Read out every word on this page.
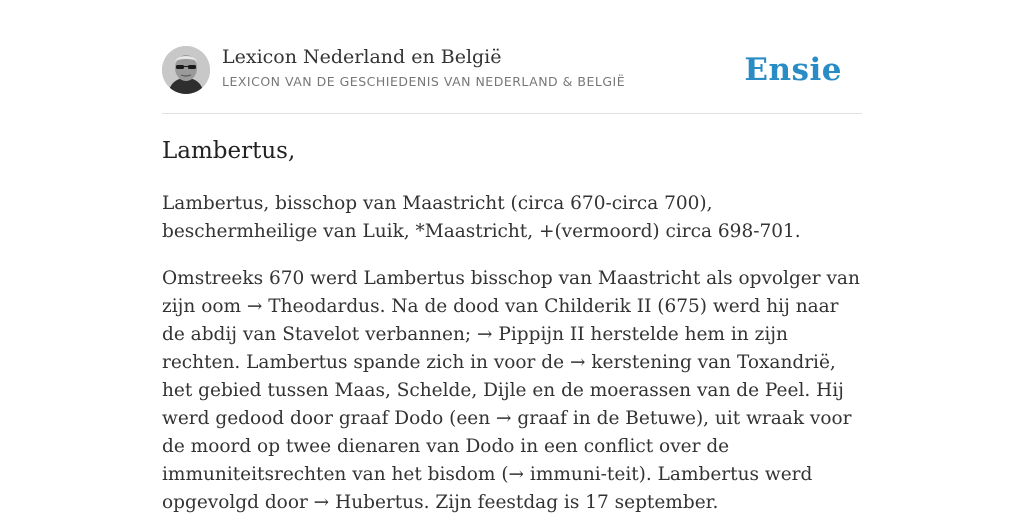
Lexicon Nederland en België
LEXICON VAN DE GESCHIEDENIS VAN NEDERLAND & BELGIË	Ensie
Lambertus,

Lambertus, bisschop van Maastricht (circa 670-circa 700), beschermheilige van Luik, *Maastricht, +(vermoord) circa 698-701.

Omstreeks 670 werd Lambertus bisschop van Maastricht als opvolger van zijn oom → Theodardus. Na de dood van Childerik II (675) werd hij naar de abdij van Stavelot verbannen; → Pippijn II herstelde hem in zijn rechten. Lambertus spande zich in voor de → kerstening van Toxandrië, het gebied tussen Maas, Schelde, Dijle en de moerassen van de Peel. Hij werd gedood door graaf Dodo (een → graaf in de Betuwe), uit wraak voor de moord op twee dienaren van Dodo in een conflict over de immuniteitsrechten van het bisdom (→ immuni-teit). Lambertus werd opgevolgd door → Hubertus. Zijn feestdag is 17 september.
